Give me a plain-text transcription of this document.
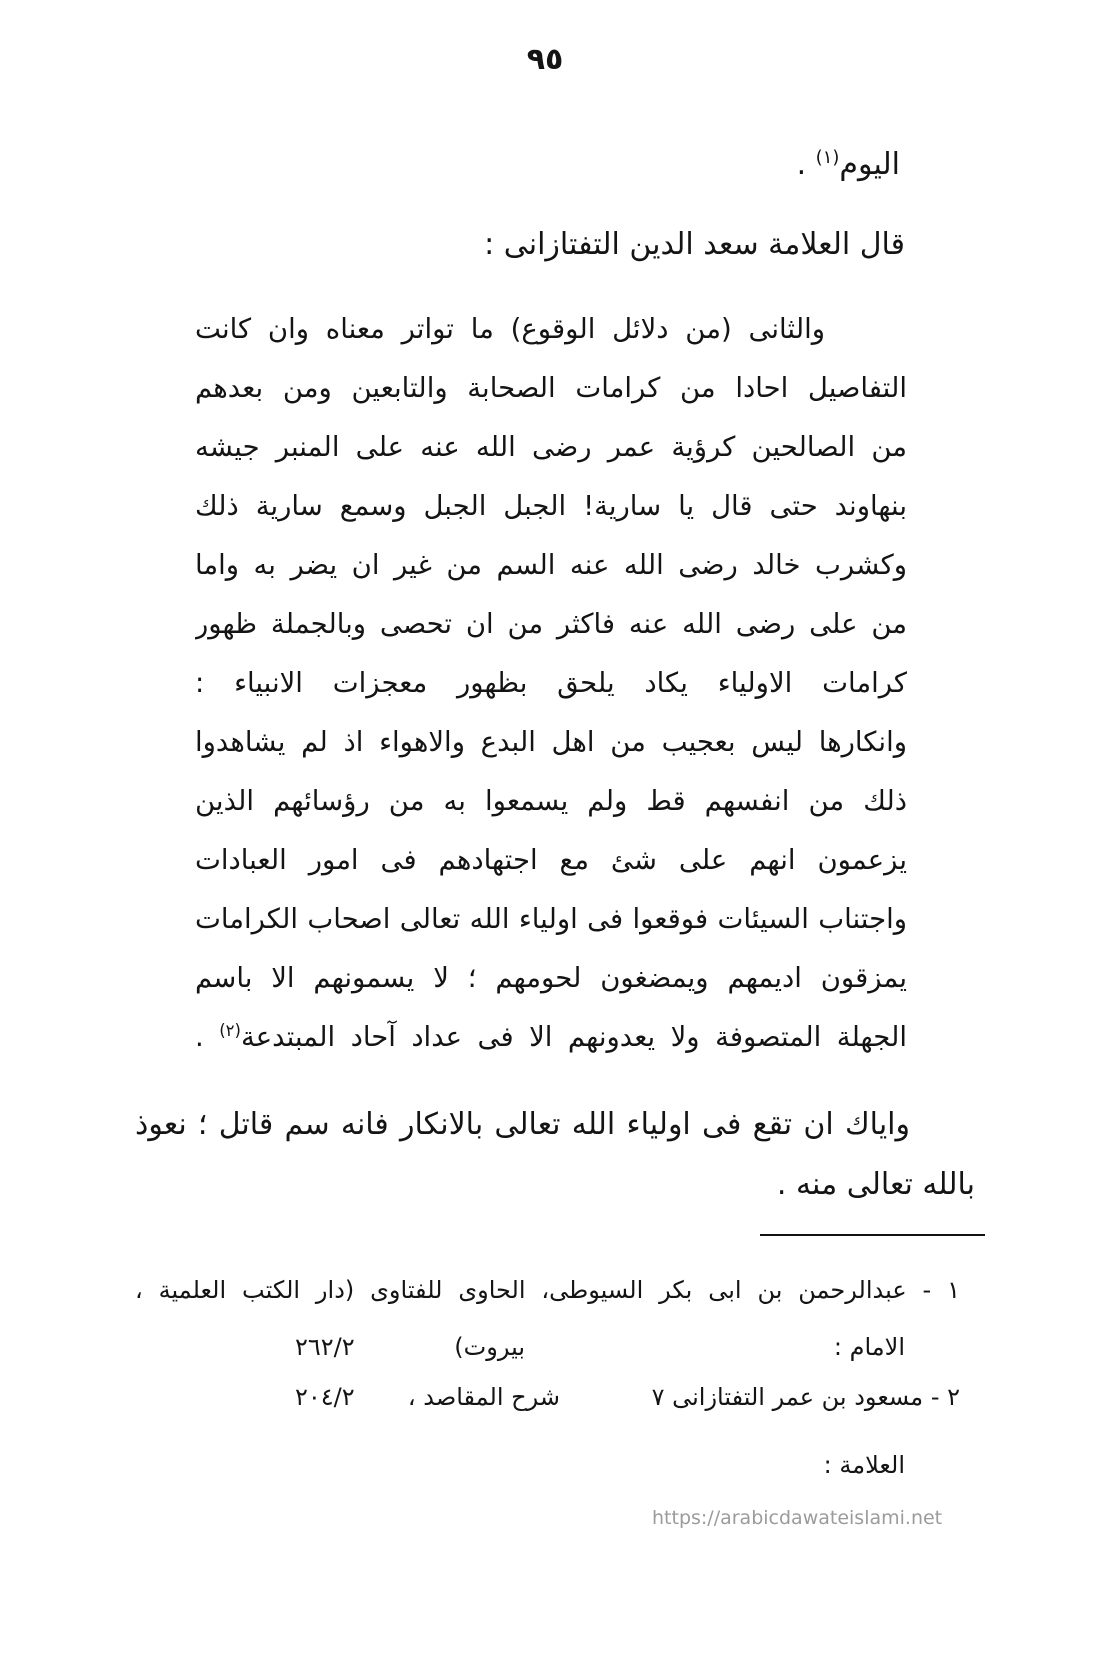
٩٥
اليوم$^{(١)}$ .
قال العلامة سعد الدين التفتازانى :
والثانى (من دلائل الوقوع) ما تواتر معناه وان كانت
التفاصيل احادا من كرامات الصحابة والتابعين ومن بعدهم
من الصالحين كرؤية عمر رضى الله عنه على المنبر جيشه
بنهاوند حتى قال يا سارية! الجبل الجبل وسمع سارية ذلك
وكشرب خالد رضى الله عنه السم من غير ان يضر به واما
من على رضى الله عنه فاكثر من ان تحصى وبالجملة ظهور
كرامات الاولياء يكاد يلحق بظهور معجزات الانبياء :
وانكارها ليس بعجيب من اهل البدع والاهواء اذ لم يشاهدوا
ذلك من انفسهم قط ولم يسمعوا به من رؤسائهم الذين
يزعمون انهم على شئ مع اجتهادهم فى امور العبادات
واجتناب السيئات فوقعوا فى اولياء الله تعالى اصحاب الكرامات
يمزقون اديمهم ويمضغون لحومهم ؛ لا يسمونهم الا باسم
الجهلة المتصوفة ولا يعدونهم الا فى عداد آحاد المبتدعة$^{(٢)}$ .
واياك ان تقع فى اولياء الله تعالى بالانكار فانه سم قاتل ؛ نعوذ
بالله تعالى منه .
١ - عبدالرحمن بن ابى بكر السيوطى، الحاوى للفتاوى (دار الكتب العلمية ،
الامام :
بيروت)
٢٦٢/٢
٢ - مسعود بن عمر التفتازانى ٧
شرح المقاصد ،
٢٠٤/٢
العلامة :
https://arabicdawateislami.net
